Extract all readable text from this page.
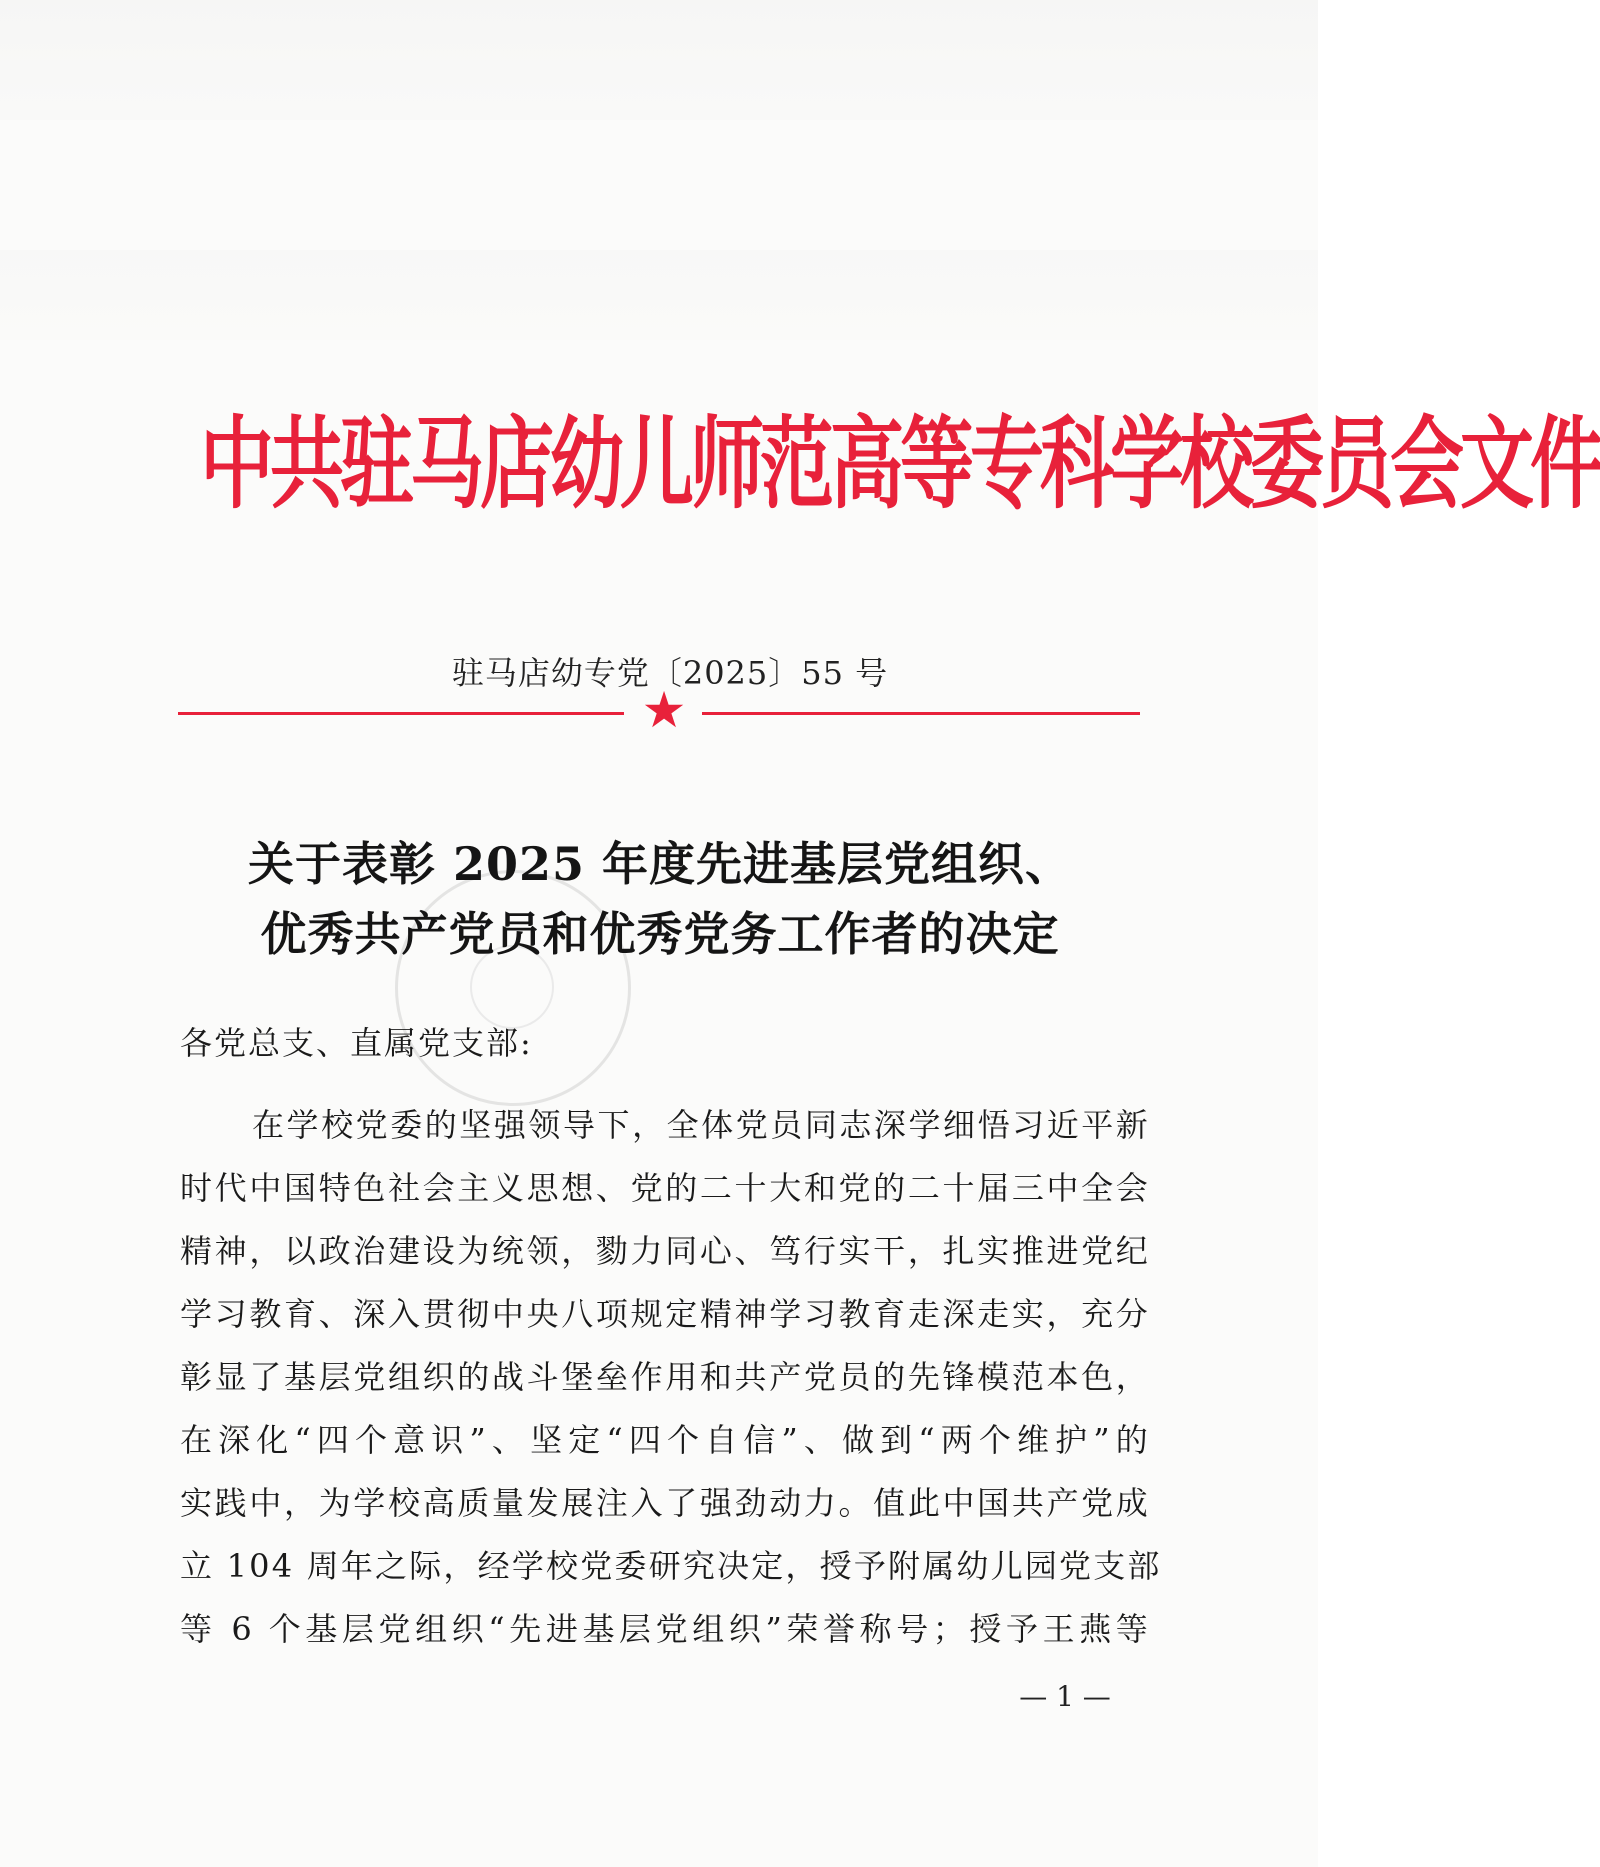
中共驻马店幼儿师范高等专科学校委员会文件
驻马店幼专党〔2025〕55 号
★
关于表彰 2025 年度先进基层党组织、
优秀共产党员和优秀党务工作者的决定
各党总支、直属党支部:
在学校党委的坚强领导下，全体党员同志深学细悟习近平新
时代中国特色社会主义思想、党的二十大和党的二十届三中全会
精神，以政治建设为统领，勠力同心、笃行实干，扎实推进党纪
学习教育、深入贯彻中央八项规定精神学习教育走深走实，充分
彰显了基层党组织的战斗堡垒作用和共产党员的先锋模范本色，
在深化“四个意识”、坚定“四个自信”、做到“两个维护”的
实践中，为学校高质量发展注入了强劲动力。值此中国共产党成
立 104 周年之际，经学校党委研究决定，授予附属幼儿园党支部
等 6 个基层党组织“先进基层党组织”荣誉称号；授予王燕等
— 1 —
